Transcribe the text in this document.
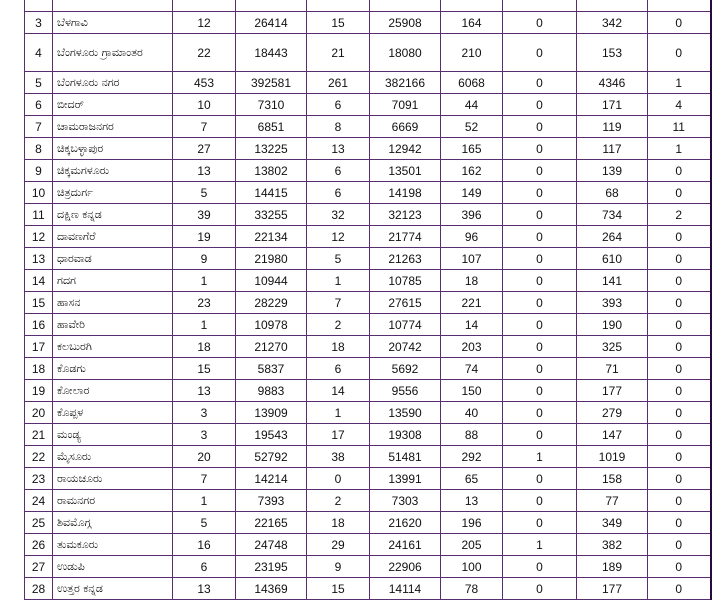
3	ಬೆಳಗಾವಿ	12	26414	15	25908	164	0	342	0
4	ಬೆಂಗಳೂರು ಗ್ರಾಮಾಂತರ	22	18443	21	18080	210	0	153	0
5	ಬೆಂಗಳೂರು ನಗರ	453	392581	261	382166	6068	0	4346	1
6	ಬೀದರ್	10	7310	6	7091	44	0	171	4
7	ಚಾಮರಾಜನಗರ	7	6851	8	6669	52	0	119	11
8	ಚಿಕ್ಕಬಳ್ಳಾಪುರ	27	13225	13	12942	165	0	117	1
9	ಚಿಕ್ಕಮಗಳೂರು	13	13802	6	13501	162	0	139	0
10	ಚಿತ್ರದುರ್ಗ	5	14415	6	14198	149	0	68	0
11	ದಕ್ಷಿಣ ಕನ್ನಡ	39	33255	32	32123	396	0	734	2
12	ದಾವಣಗೆರೆ	19	22134	12	21774	96	0	264	0
13	ಧಾರವಾಡ	9	21980	5	21263	107	0	610	0
14	ಗದಗ	1	10944	1	10785	18	0	141	0
15	ಹಾಸನ	23	28229	7	27615	221	0	393	0
16	ಹಾವೇರಿ	1	10978	2	10774	14	0	190	0
17	ಕಲಬುರಗಿ	18	21270	18	20742	203	0	325	0
18	ಕೊಡಗು	15	5837	6	5692	74	0	71	0
19	ಕೋಲಾರ	13	9883	14	9556	150	0	177	0
20	ಕೊಪ್ಪಳ	3	13909	1	13590	40	0	279	0
21	ಮಂಡ್ಯ	3	19543	17	19308	88	0	147	0
22	ಮೈಸೂರು	20	52792	38	51481	292	1	1019	0
23	ರಾಯಚೂರು	7	14214	0	13991	65	0	158	0
24	ರಾಮನಗರ	1	7393	2	7303	13	0	77	0
25	ಶಿವಮೊಗ್ಗ	5	22165	18	21620	196	0	349	0
26	ತುಮಕೂರು	16	24748	29	24161	205	1	382	0
27	ಉಡುಪಿ	6	23195	9	22906	100	0	189	0
28	ಉತ್ತರ ಕನ್ನಡ	13	14369	15	14114	78	0	177	0
